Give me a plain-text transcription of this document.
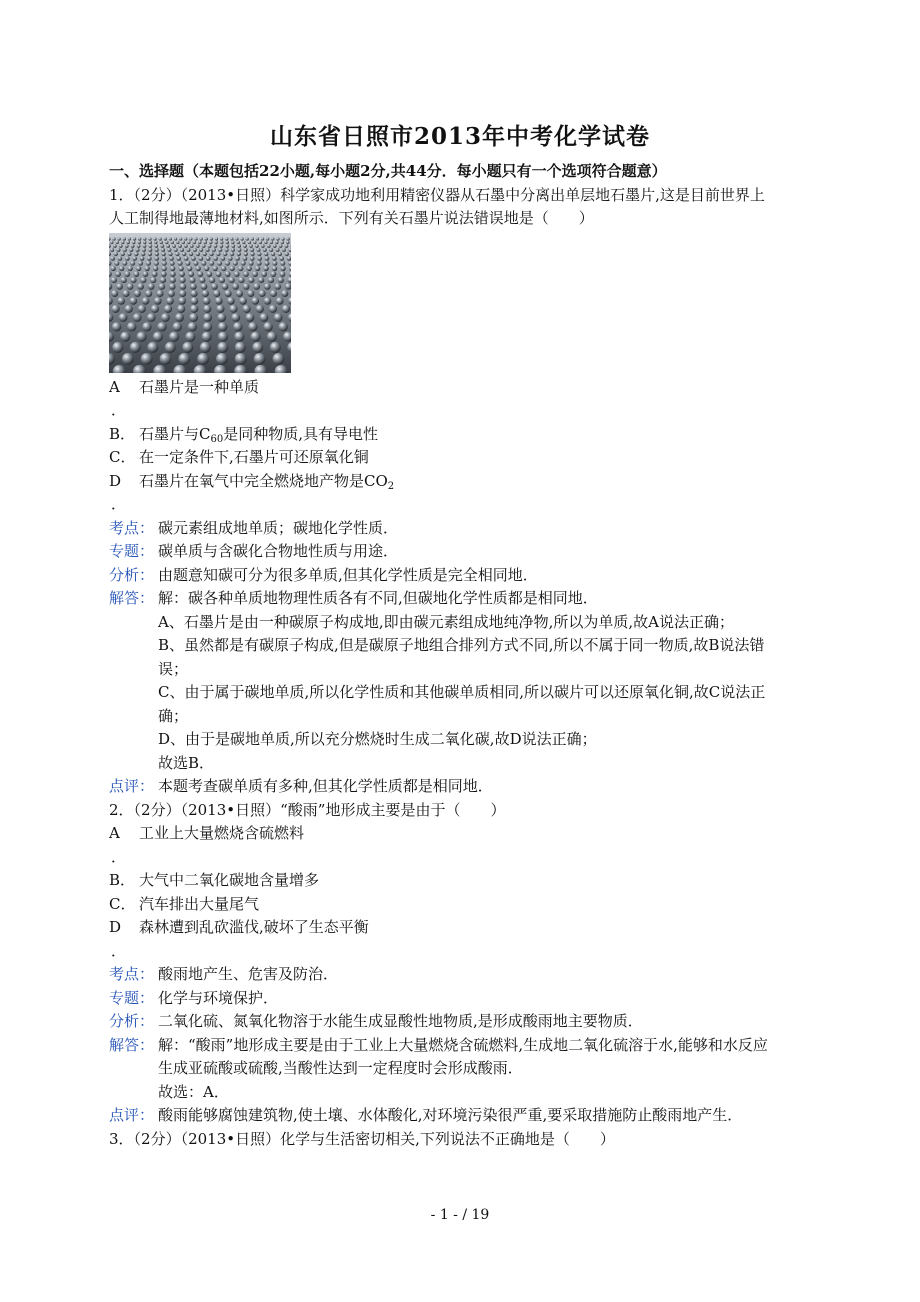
山东省日照市2013年中考化学试卷
一、选择题（本题包括22小题,每小题2分,共44分．每小题只有一个选项符合题意）
1．（2分）（2013•日照）科学家成功地利用精密仪器从石墨中分离出单层地石墨片,这是目前世界上
人工制得地最薄地材料,如图所示．下列有关石墨片说法错误地是（　　）
A 石墨片是一种单质
．
B． 石墨片与$C_{60}$是同种物质,具有导电性
C． 在一定条件下,石墨片可还原氧化铜
D 石墨片在氧气中完全燃烧地产物是$CO_2$
．
考点： 碳元素组成地单质；碳地化学性质．
专题： 碳单质与含碳化合物地性质与用途．
分析： 由题意知碳可分为很多单质,但其化学性质是完全相同地．
解答： 解：碳各种单质地物理性质各有不同,但碳地化学性质都是相同地．
A、石墨片是由一种碳原子构成地,即由碳元素组成地纯净物,所以为单质,故A说法正确；
B、虽然都是有碳原子构成,但是碳原子地组合排列方式不同,所以不属于同一物质,故B说法错
误；
C、由于属于碳地单质,所以化学性质和其他碳单质相同,所以碳片可以还原氧化铜,故C说法正
确；
D、由于是碳地单质,所以充分燃烧时生成二氧化碳,故D说法正确；
故选B．
点评： 本题考查碳单质有多种,但其化学性质都是相同地．
2．（2分）（2013•日照）“酸雨”地形成主要是由于（　　）
A 工业上大量燃烧含硫燃料
．
B． 大气中二氧化碳地含量增多
C． 汽车排出大量尾气
D 森林遭到乱砍滥伐,破坏了生态平衡
．
考点： 酸雨地产生、危害及防治．
专题： 化学与环境保护．
分析： 二氧化硫、氮氧化物溶于水能生成显酸性地物质,是形成酸雨地主要物质．
解答： 解：“酸雨”地形成主要是由于工业上大量燃烧含硫燃料,生成地二氧化硫溶于水,能够和水反应
生成亚硫酸或硫酸,当酸性达到一定程度时会形成酸雨．
故选：A．
点评： 酸雨能够腐蚀建筑物,使土壤、水体酸化,对环境污染很严重,要采取措施防止酸雨地产生．
3．（2分）（2013•日照）化学与生活密切相关,下列说法不正确地是（　　）
- 1 - / 19
